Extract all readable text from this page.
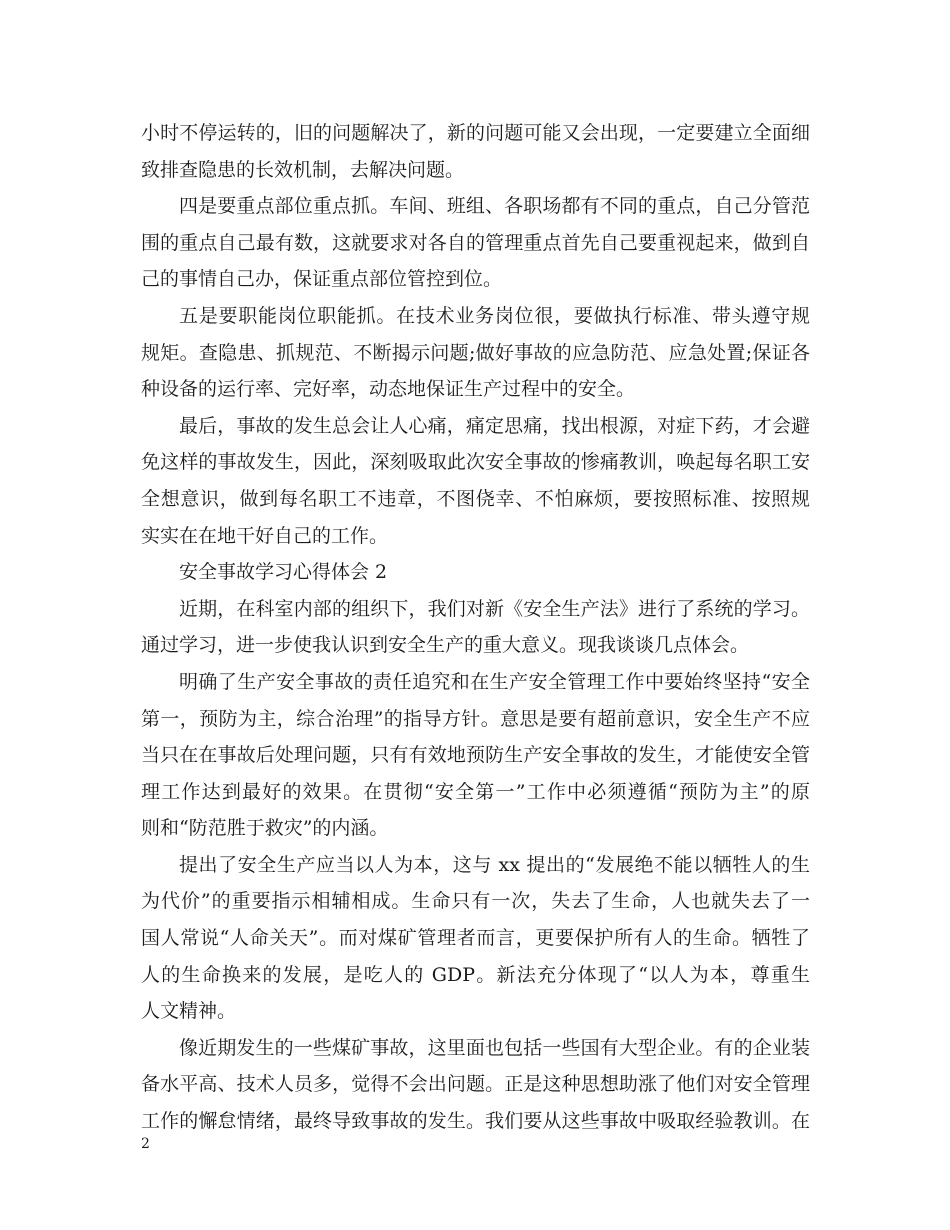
小时不停运转的，旧的问题解决了，新的问题可能又会出现，一定要建立全面细
致排查隐患的长效机制，去解决问题。
四是要重点部位重点抓。车间、班组、各职场都有不同的重点，自己分管范
围的重点自己最有数，这就要求对各自的管理重点首先自己要重视起来，做到自
己的事情自己办，保证重点部位管控到位。
五是要职能岗位职能抓。在技术业务岗位很，要做执行标准、带头遵守规
规矩。查隐患、抓规范、不断揭示问题;做好事故的应急防范、应急处置;保证各
种设备的运行率、完好率，动态地保证生产过程中的安全。
最后，事故的发生总会让人心痛，痛定思痛，找出根源，对症下药，才会避
免这样的事故发生，因此，深刻吸取此次安全事故的惨痛教训，唤起每名职工安
全想意识，做到每名职工不违章，不图侥幸、不怕麻烦，要按照标准、按照规
实实在在地干好自己的工作。
安全事故学习心得体会 2
近期，在科室内部的组织下，我们对新《安全生产法》进行了系统的学习。
通过学习，进一步使我认识到安全生产的重大意义。现我谈谈几点体会。
明确了生产安全事故的责任追究和在生产安全管理工作中要始终坚持“安全
第一，预防为主，综合治理”的指导方针。意思是要有超前意识，安全生产不应
当只在在事故后处理问题，只有有效地预防生产安全事故的发生，才能使安全管
理工作达到最好的效果。在贯彻“安全第一”工作中必须遵循“预防为主”的原
则和“防范胜于救灾”的内涵。
提出了安全生产应当以人为本，这与 xx 提出的“发展绝不能以牺牲人的生
为代价”的重要指示相辅相成。生命只有一次，失去了生命，人也就失去了一
国人常说“人命关天”。而对煤矿管理者而言，更要保护所有人的生命。牺牲了
人的生命换来的发展，是吃人的 GDP。新法充分体现了“以人为本，尊重生
人文精神。
像近期发生的一些煤矿事故，这里面也包括一些国有大型企业。有的企业装
备水平高、技术人员多，觉得不会出问题。正是这种思想助涨了他们对安全管理
工作的懈怠情绪，最终导致事故的发生。我们要从这些事故中吸取经验教训。在
2
